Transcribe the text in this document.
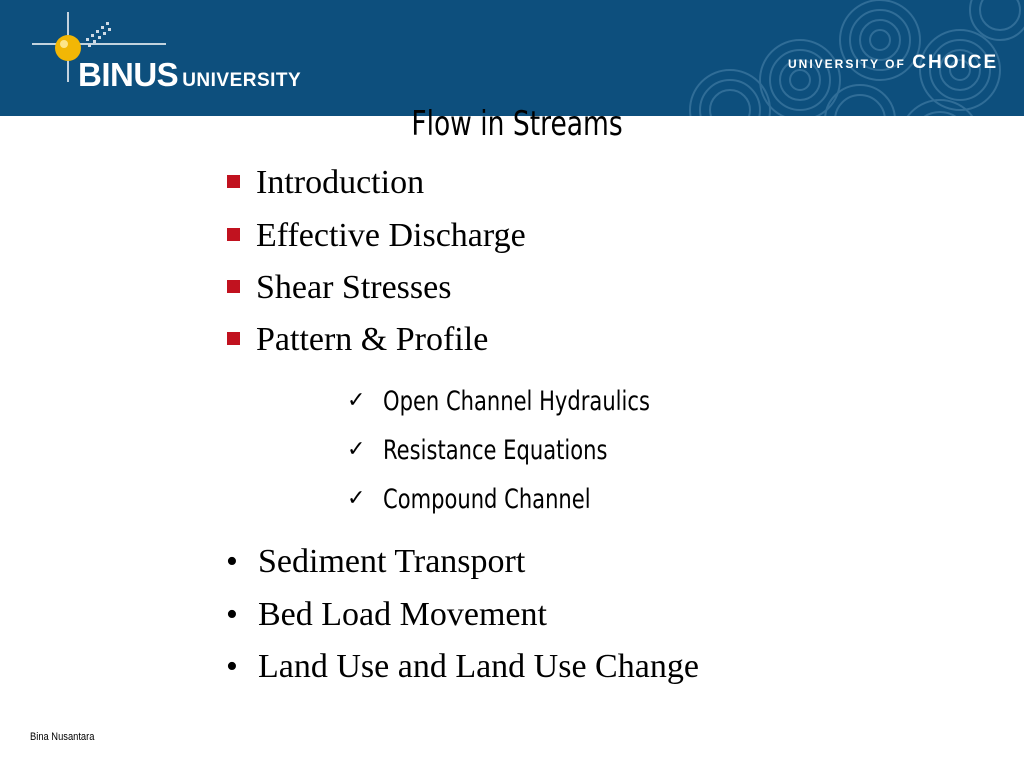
BINUS UNIVERSITY
UNIVERSITY OF CHOICE
Flow in Streams
Introduction
Effective Discharge
Shear Stresses
Pattern & Profile
✓ Open Channel Hydraulics
✓ Resistance Equations
✓ Compound Channel
• Sediment Transport
• Bed Load Movement
• Land Use and Land Use Change
Bina Nusantara
